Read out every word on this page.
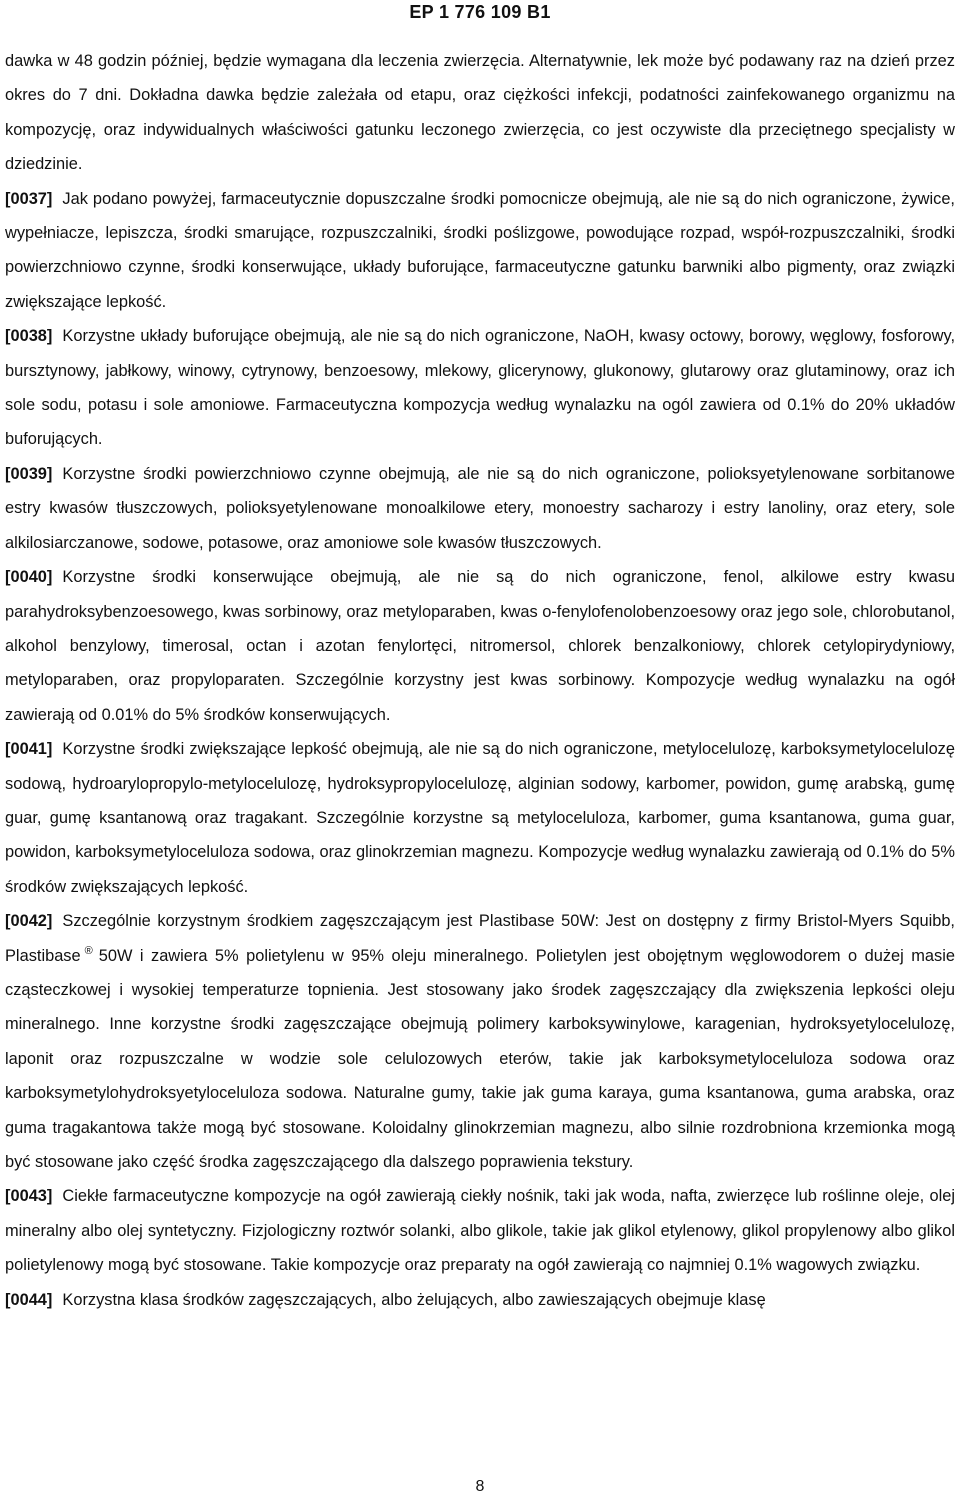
EP 1 776 109 B1

dawka w 48 godzin później, będzie wymagana dla leczenia zwierzęcia. Alternatywnie, lek może być podawany raz na dzień przez okres do 7 dni. Dokładna dawka będzie zależała od etapu, oraz ciężkości infekcji, podatności zainfekowanego organizmu na kompozycję, oraz indywidualnych właściwości gatunku leczonego zwierzęcia, co jest oczywiste dla przeciętnego specjalisty w dziedzinie.

[0037] Jak podano powyżej, farmaceutycznie dopuszczalne środki pomocnicze obejmują, ale nie są do nich ograniczone, żywice, wypełniacze, lepiszcza, środki smarujące, rozpuszczalniki, środki poślizgowe, powodujące rozpad, współ-rozpuszczalniki, środki powierzchniowo czynne, środki konserwujące, układy buforujące, farmaceutyczne gatunku barwniki albo pigmenty, oraz związki zwiększające lepkość.

[0038] Korzystne układy buforujące obejmują, ale nie są do nich ograniczone, NaOH, kwasy octowy, borowy, węglowy, fosforowy, bursztynowy, jabłkowy, winowy, cytrynowy, benzoesowy, mlekowy, glicerynowy, glukonowy, glutarowy oraz glutaminowy, oraz ich sole sodu, potasu i sole amoniowe. Farmaceutyczna kompozycja według wynalazku na ogól zawiera od 0.1% do 20% układów buforujących.

[0039] Korzystne środki powierzchniowo czynne obejmują, ale nie są do nich ograniczone, polioksyetylenowane sorbitanowe estry kwasów tłuszczowych, polioksyetylenowane monoalkilowe etery, monoestry sacharozy i estry lanoliny, oraz etery, sole alkilosiarczanowe, sodowe, potasowe, oraz amoniowe sole kwasów tłuszczowych.

[0040] Korzystne środki konserwujące obejmują, ale nie są do nich ograniczone, fenol, alkilowe estry kwasu parahydroksybenzoesowego, kwas sorbinowy, oraz metyloparaben, kwas o-fenylofenolobenzoesowy oraz jego sole, chlorobutanol, alkohol benzylowy, timerosal, octan i azotan fenylortęci, nitromersol, chlorek benzalkoniowy, chlorek cetylopirydyniowy, metyloparaben, oraz propyloparaten. Szczególnie korzystny jest kwas sorbinowy. Kompozycje według wynalazku na ogół zawierają od 0.01% do 5% środków konserwujących.

[0041] Korzystne środki zwiększające lepkość obejmują, ale nie są do nich ograniczone, metylocelulozę, karboksymetylocelulozę sodową, hydroarylopropylo-metylocelulozę, hydroksypropylocelulozę, alginian sodowy, karbomer, powidon, gumę arabską, gumę guar, gumę ksantanową oraz tragakant. Szczególnie korzystne są metyloceluloza, karbomer, guma ksantanowa, guma guar, powidon, karboksymetyloceluloza sodowa, oraz glinokrzemian magnezu. Kompozycje według wynalazku zawierają od 0.1% do 5% środków zwiększających lepkość.

[0042] Szczególnie korzystnym środkiem zagęszczającym jest Plastibase 50W: Jest on dostępny z firmy Bristol-Myers Squibb, Plastibase ® 50W i zawiera 5% polietylenu w 95% oleju mineralnego. Polietylen jest obojętnym węglowodorem o dużej masie cząsteczkowej i wysokiej temperaturze topnienia. Jest stosowany jako środek zagęszczający dla zwiększenia lepkości oleju mineralnego. Inne korzystne środki zagęszczające obejmują polimery karboksywinylowe, karagenian, hydroksyetylocelulozę, laponit oraz rozpuszczalne w wodzie sole celulozowych eterów, takie jak karboksymetyloceluloza sodowa oraz karboksymetylohydroksyetyloceluloza sodowa. Naturalne gumy, takie jak guma karaya, guma ksantanowa, guma arabska, oraz guma tragakantowa także mogą być stosowane. Koloidalny glinokrzemian magnezu, albo silnie rozdrobniona krzemionka mogą być stosowane jako część środka zagęszczającego dla dalszego poprawienia tekstury.

[0043] Ciekłe farmaceutyczne kompozycje na ogół zawierają ciekły nośnik, taki jak woda, nafta, zwierzęce lub roślinne oleje, olej mineralny albo olej syntetyczny. Fizjologiczny roztwór solanki, albo glikole, takie jak glikol etylenowy, glikol propylenowy albo glikol polietylenowy mogą być stosowane. Takie kompozycje oraz preparaty na ogół zawierają co najmniej 0.1% wagowych związku.

[0044] Korzystna klasa środków zagęszczających, albo żelujących, albo zawieszających obejmuje klasę

8
